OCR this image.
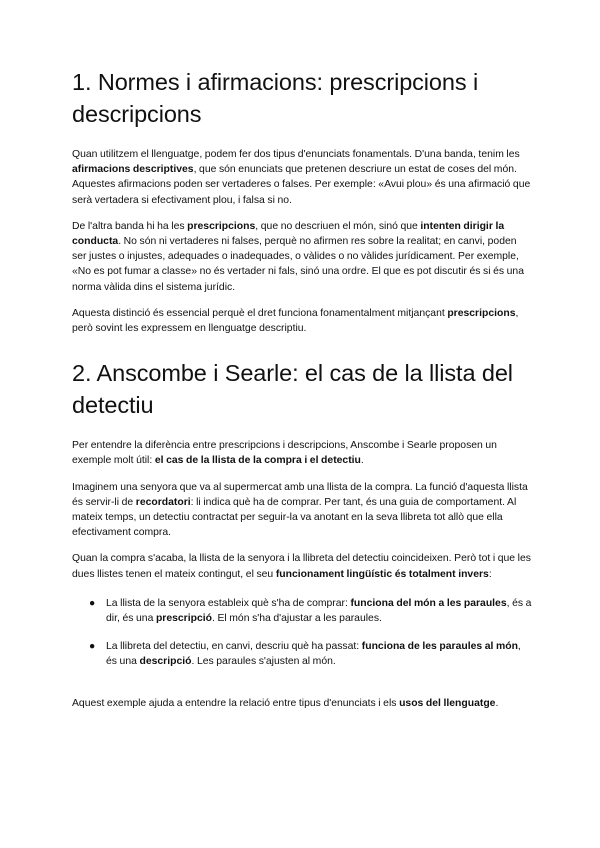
1. Normes i afirmacions: prescripcions i descripcions

Quan utilitzem el llenguatge, podem fer dos tipus d'enunciats fonamentals. D'una banda, tenim les afirmacions descriptives, que són enunciats que pretenen descriure un estat de coses del món. Aquestes afirmacions poden ser vertaderes o falses. Per exemple: «Avui plou» és una afirmació que serà vertadera si efectivament plou, i falsa si no.

De l'altra banda hi ha les prescripcions, que no descriuen el món, sinó que intenten dirigir la conducta. No són ni vertaderes ni falses, perquè no afirmen res sobre la realitat; en canvi, poden ser justes o injustes, adequades o inadequades, o vàlides o no vàlides jurídicament. Per exemple, «No es pot fumar a classe» no és vertader ni fals, sinó una ordre. El que es pot discutir és si és una norma vàlida dins el sistema jurídic.

Aquesta distinció és essencial perquè el dret funciona fonamentalment mitjançant prescripcions, però sovint les expressem en llenguatge descriptiu.

2. Anscombe i Searle: el cas de la llista del detectiu

Per entendre la diferència entre prescripcions i descripcions, Anscombe i Searle proposen un exemple molt útil: el cas de la llista de la compra i el detectiu.

Imaginem una senyora que va al supermercat amb una llista de la compra. La funció d'aquesta llista és servir-li de recordatori: li indica què ha de comprar. Per tant, és una guia de comportament. Al mateix temps, un detectiu contractat per seguir-la va anotant en la seva llibreta tot allò que ella efectivament compra.

Quan la compra s'acaba, la llista de la senyora i la llibreta del detectiu coincideixen. Però tot i que les dues llistes tenen el mateix contingut, el seu funcionament lingüístic és totalment invers:

● La llista de la senyora estableix què s'ha de comprar: funciona del món a les paraules, és a dir, és una prescripció. El món s'ha d'ajustar a les paraules.
● La llibreta del detectiu, en canvi, descriu què ha passat: funciona de les paraules al món, és una descripció. Les paraules s'ajusten al món.

Aquest exemple ajuda a entendre la relació entre tipus d'enunciats i els usos del llenguatge.
